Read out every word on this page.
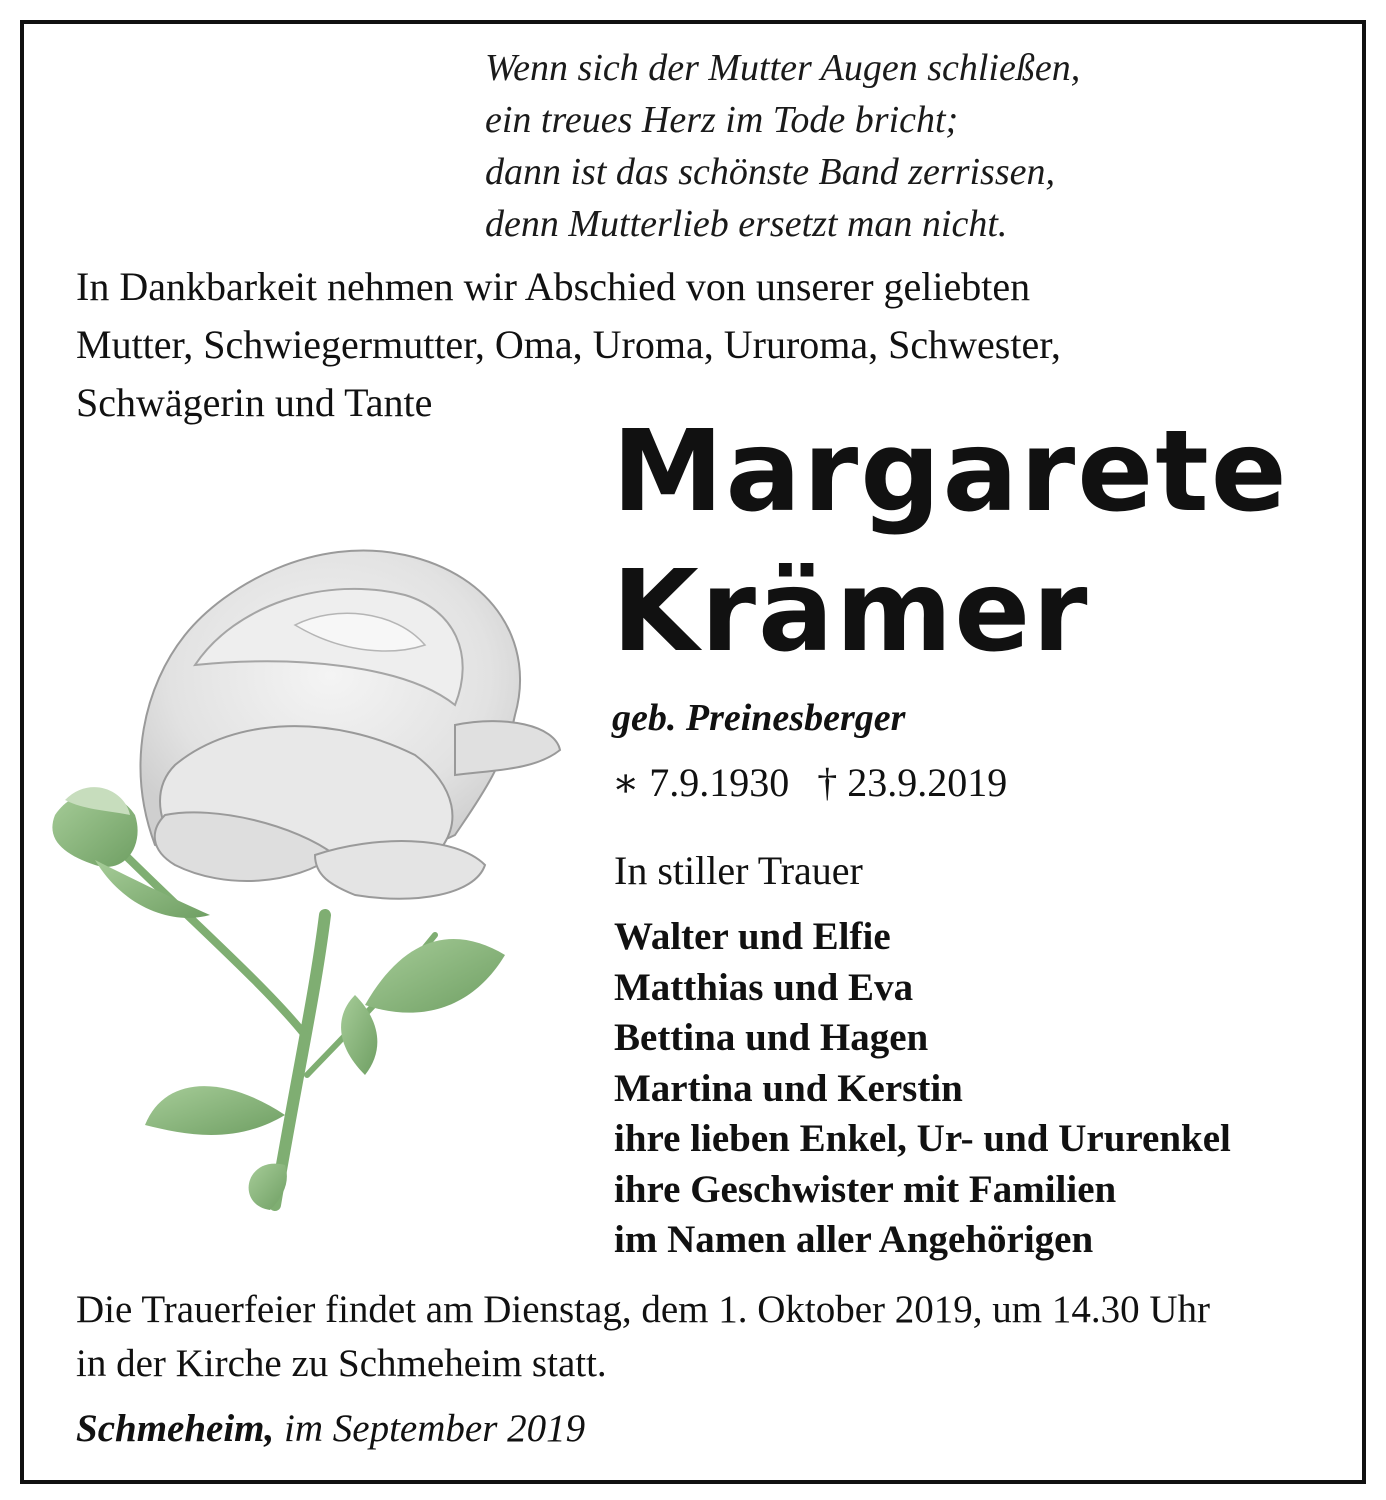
Wenn sich der Mutter Augen schließen,
ein treues Herz im Tode bricht;
dann ist das schönste Band zerrissen,
denn Mutterlieb ersetzt man nicht.
In Dankbarkeit nehmen wir Abschied von unserer geliebten
Mutter, Schwiegermutter, Oma, Uroma, Ururoma, Schwester,
Schwägerin und Tante
Margarete
Krämer
geb. Preinesberger
∗ 7.9.1930 † 23.9.2019
In stiller Trauer
Walter und Elfie
Matthias und Eva
Bettina und Hagen
Martina und Kerstin
ihre lieben Enkel, Ur- und Ururenkel
ihre Geschwister mit Familien
im Namen aller Angehörigen
Die Trauerfeier findet am Dienstag, dem 1. Oktober 2019, um 14.30 Uhr
in der Kirche zu Schmeheim statt.
Schmeheim, im September 2019
